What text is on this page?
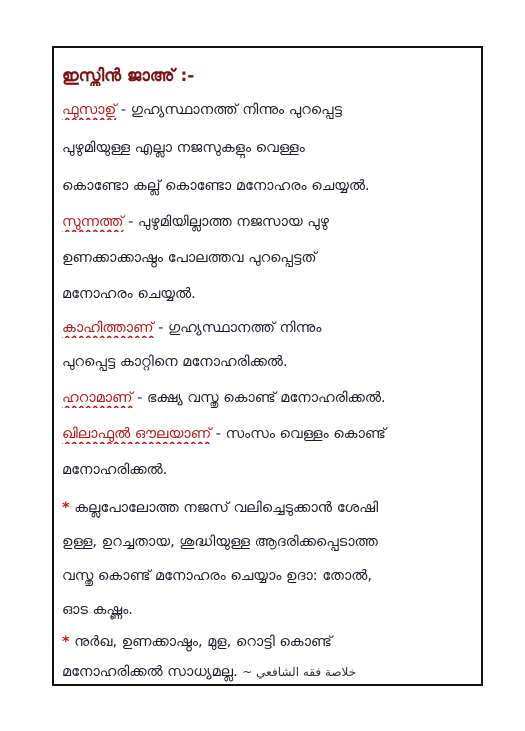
ഇസ്തിൻ ജാഅ് :-
ഫുസാഉ് - ഗുഹ്യസ്ഥാനത്ത് നിന്നും പുറപ്പെട്ട
പുഴുമിയുള്ള എല്ലാ നജസുകളും വെള്ളം
കൊണ്ടോ കല്ല് കൊണ്ടോ മനോഹരം ചെയ്യൽ.
സുന്നത്ത് - പുഴുമിയില്ലാത്ത നജസായ പുഴു
ഉണക്കാക്കാഷ്ഠം പോലത്തവ പുറപ്പെട്ടത്
മനോഹരം ചെയ്യൽ.
കാഹിത്താണ് - ഗുഹ്യസ്ഥാനത്ത് നിന്നും
പുറപ്പെട്ട കാറ്റിനെ മനോഹരിക്കൽ.
ഹറാമാണ് - ഭക്ഷ്യ വസ്തു കൊണ്ട് മനോഹരിക്കൽ.
ഖിലാഫുൽ ഔലയാണ് - സംസം വെള്ളം കൊണ്ട്
മനോഹരിക്കൽ.
* കല്ലുപോലോത്ത നജസ് വലിച്ചെടുക്കാൻ ശേഷി
ഉള്ള, ഉറച്ചതായ, ശുദ്ധിയുള്ള ആദരിക്കപ്പെടാത്ത
വസ്തു കൊണ്ട് മനോഹരം ചെയ്യാം ഉദാ: തോൽ,
ഓട കഷ്ണം.
* നുർഖ, ഉണക്കാഷ്ഠം, മുള, റൊട്ടി കൊണ്ട്
മനോഹരിക്കൽ സാധ്യമല്ല. ~ خلاصة فقه الشافعي
